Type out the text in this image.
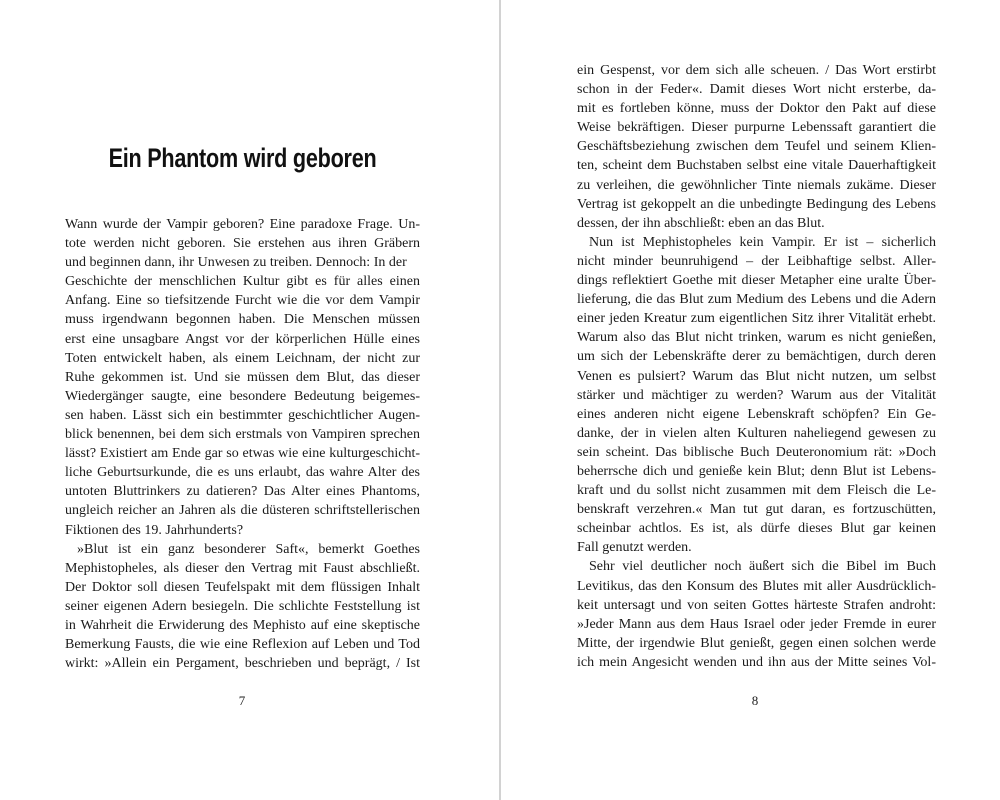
Ein Phantom wird geboren
Wann wurde der Vampir geboren? Eine paradoxe Frage. Un-
tote werden nicht geboren. Sie erstehen aus ihren Gräbern
und beginnen dann, ihr Unwesen zu treiben. Dennoch: In der
Geschichte der menschlichen Kultur gibt es für alles einen
Anfang. Eine so tiefsitzende Furcht wie die vor dem Vampir
muss irgendwann begonnen haben. Die Menschen müssen
erst eine unsagbare Angst vor der körperlichen Hülle eines
Toten entwickelt haben, als einem Leichnam, der nicht zur
Ruhe gekommen ist. Und sie müssen dem Blut, das dieser
Wiedergänger saugte, eine besondere Bedeutung beigemes-
sen haben. Lässt sich ein bestimmter geschichtlicher Augen-
blick benennen, bei dem sich erstmals von Vampiren sprechen
lässt? Existiert am Ende gar so etwas wie eine kulturgeschicht-
liche Geburtsurkunde, die es uns erlaubt, das wahre Alter des
untoten Bluttrinkers zu datieren? Das Alter eines Phantoms,
ungleich reicher an Jahren als die düsteren schriftstellerischen
Fiktionen des 19. Jahrhunderts?
»Blut ist ein ganz besonderer Saft«, bemerkt Goethes
Mephistopheles, als dieser den Vertrag mit Faust abschließt.
Der Doktor soll diesen Teufelspakt mit dem flüssigen Inhalt
seiner eigenen Adern besiegeln. Die schlichte Feststellung ist
in Wahrheit die Erwiderung des Mephisto auf eine skeptische
Bemerkung Fausts, die wie eine Reflexion auf Leben und Tod
wirkt: »Allein ein Pergament, beschrieben und beprägt, / Ist
7
ein Gespenst, vor dem sich alle scheuen. / Das Wort erstirbt
schon in der Feder«. Damit dieses Wort nicht ersterbe, da-
mit es fortleben könne, muss der Doktor den Pakt auf diese
Weise bekräftigen. Dieser purpurne Lebenssaft garantiert die
Geschäftsbeziehung zwischen dem Teufel und seinem Klien-
ten, scheint dem Buchstaben selbst eine vitale Dauerhaftigkeit
zu verleihen, die gewöhnlicher Tinte niemals zukäme. Dieser
Vertrag ist gekoppelt an die unbedingte Bedingung des Lebens
dessen, der ihn abschließt: eben an das Blut.
Nun ist Mephistopheles kein Vampir. Er ist – sicherlich
nicht minder beunruhigend – der Leibhaftige selbst. Aller-
dings reflektiert Goethe mit dieser Metapher eine uralte Über-
lieferung, die das Blut zum Medium des Lebens und die Adern
einer jeden Kreatur zum eigentlichen Sitz ihrer Vitalität erhebt.
Warum also das Blut nicht trinken, warum es nicht genießen,
um sich der Lebenskräfte derer zu bemächtigen, durch deren
Venen es pulsiert? Warum das Blut nicht nutzen, um selbst
stärker und mächtiger zu werden? Warum aus der Vitalität
eines anderen nicht eigene Lebenskraft schöpfen? Ein Ge-
danke, der in vielen alten Kulturen naheliegend gewesen zu
sein scheint. Das biblische Buch Deuteronomium rät: »Doch
beherrsche dich und genieße kein Blut; denn Blut ist Lebens-
kraft und du sollst nicht zusammen mit dem Fleisch die Le-
benskraft verzehren.« Man tut gut daran, es fortzuschütten,
scheinbar achtlos. Es ist, als dürfe dieses Blut gar keinen
Fall genutzt werden.
Sehr viel deutlicher noch äußert sich die Bibel im Buch
Levitikus, das den Konsum des Blutes mit aller Ausdrücklich-
keit untersagt und von seiten Gottes härteste Strafen androht:
»Jeder Mann aus dem Haus Israel oder jeder Fremde in eurer
Mitte, der irgendwie Blut genießt, gegen einen solchen werde
ich mein Angesicht wenden und ihn aus der Mitte seines Vol-
8
